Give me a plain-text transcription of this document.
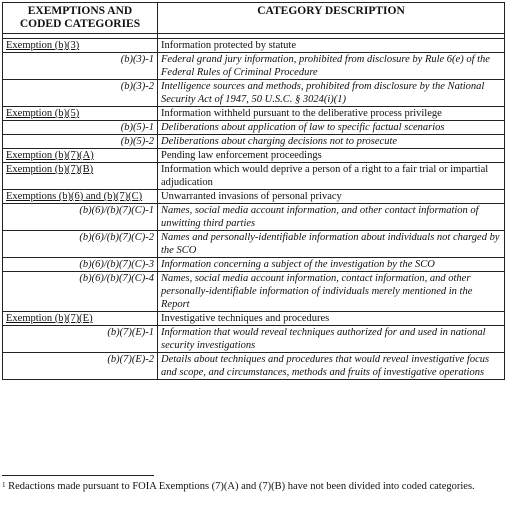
EXEMPTIONS AND CODED CATEGORIES	CATEGORY DESCRIPTION

Exemption (b)(3)	Information protected by statute
(b)(3)-1	Federal grand jury information, prohibited from disclosure by Rule 6(e) of the Federal Rules of Criminal Procedure
(b)(3)-2	Intelligence sources and methods, prohibited from disclosure by the National Security Act of 1947, 50 U.S.C. § 3024(i)(1)
Exemption (b)(5)	Information withheld pursuant to the deliberative process privilege
(b)(5)-1	Deliberations about application of law to specific factual scenarios
(b)(5)-2	Deliberations about charging decisions not to prosecute
Exemption (b)(7)(A)	Pending law enforcement proceedings
Exemption (b)(7)(B)	Information which would deprive a person of a right to a fair trial or impartial adjudication
Exemptions (b)(6) and (b)(7)(C)	Unwarranted invasions of personal privacy
(b)(6)/(b)(7)(C)-1	Names, social media account information, and other contact information of unwitting third parties
(b)(6)/(b)(7)(C)-2	Names and personally-identifiable information about individuals not charged by the SCO
(b)(6)/(b)(7)(C)-3	Information concerning a subject of the investigation by the SCO
(b)(6)/(b)(7)(C)-4	Names, social media account information, contact information, and other personally-identifiable information of individuals merely mentioned in the Report
Exemption (b)(7)(E)	Investigative techniques and procedures
(b)(7)(E)-1	Information that would reveal techniques authorized for and used in national security investigations
(b)(7)(E)-2	Details about techniques and procedures that would reveal investigative focus and scope, and circumstances, methods and fruits of investigative operations
$^1$ Redactions made pursuant to FOIA Exemptions (7)(A) and (7)(B) have not been divided into coded categories.
